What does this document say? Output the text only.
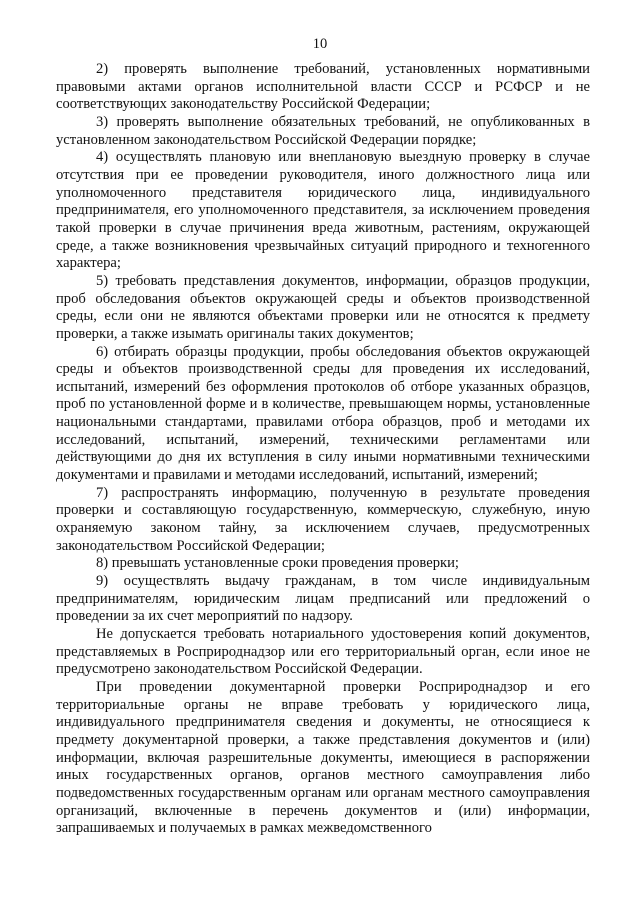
10

2) проверять выполнение требований, установленных нормативными правовыми актами органов исполнительной власти СССР и РСФСР и не соответствующих законодательству Российской Федерации;

3) проверять выполнение обязательных требований, не опубликованных в установленном законодательством Российской Федерации порядке;

4) осуществлять плановую или внеплановую выездную проверку в случае отсутствия при ее проведении руководителя, иного должностного лица или уполномоченного представителя юридического лица, индивидуального предпринимателя, его уполномоченного представителя, за исключением проведения такой проверки в случае причинения вреда животным, растениям, окружающей среде, а также возникновения чрезвычайных ситуаций природного и техногенного характера;

5) требовать представления документов, информации, образцов продукции, проб обследования объектов окружающей среды и объектов производственной среды, если они не являются объектами проверки или не относятся к предмету проверки, а также изымать оригиналы таких документов;

6) отбирать образцы продукции, пробы обследования объектов окружающей среды и объектов производственной среды для проведения их исследований, испытаний, измерений без оформления протоколов об отборе указанных образцов, проб по установленной форме и в количестве, превышающем нормы, установленные национальными стандартами, правилами отбора образцов, проб и методами их исследований, испытаний, измерений, техническими регламентами или действующими до дня их вступления в силу иными нормативными техническими документами и правилами и методами исследований, испытаний, измерений;

7) распространять информацию, полученную в результате проведения проверки и составляющую государственную, коммерческую, служебную, иную охраняемую законом тайну, за исключением случаев, предусмотренных законодательством Российской Федерации;

8) превышать установленные сроки проведения проверки;

9) осуществлять выдачу гражданам, в том числе индивидуальным предпринимателям, юридическим лицам предписаний или предложений о проведении за их счет мероприятий по надзору.

Не допускается требовать нотариального удостоверения копий документов, представляемых в Росприроднадзор или его территориальный орган, если иное не предусмотрено законодательством Российской Федерации.

При проведении документарной проверки Росприроднадзор и его территориальные органы не вправе требовать у юридического лица, индивидуального предпринимателя сведения и документы, не относящиеся к предмету документарной проверки, а также представления документов и (или) информации, включая разрешительные документы, имеющиеся в распоряжении иных государственных органов, органов местного самоуправления либо подведомственных государственным органам или органам местного самоуправления организаций, включенные в перечень документов и (или) информации, запрашиваемых и получаемых в рамках межведомственного
